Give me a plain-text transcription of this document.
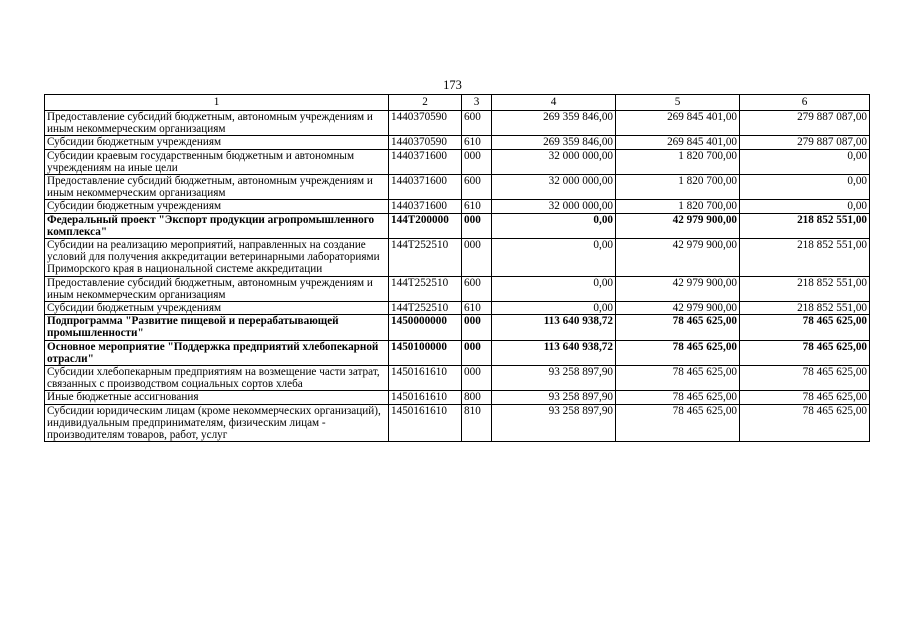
173
1	2	3	4	5	6
Предоставление субсидий бюджетным, автономным учреждениям и иным некоммерческим организациям	1440370590	600	269 359 846,00	269 845 401,00	279 887 087,00
Субсидии бюджетным учреждениям	1440370590	610	269 359 846,00	269 845 401,00	279 887 087,00
Субсидии краевым государственным бюджетным и автономным учреждениям на иные цели	1440371600	000	32 000 000,00	1 820 700,00	0,00
Предоставление субсидий бюджетным, автономным учреждениям и иным некоммерческим организациям	1440371600	600	32 000 000,00	1 820 700,00	0,00
Субсидии бюджетным учреждениям	1440371600	610	32 000 000,00	1 820 700,00	0,00
Федеральный проект "Экспорт продукции агропромышленного комплекса"	144Т200000	000	0,00	42 979 900,00	218 852 551,00
Субсидии на реализацию мероприятий, направленных на создание условий для получения аккредитации ветеринарными лабораториями Приморского края в национальной системе аккредитации	144Т252510	000	0,00	42 979 900,00	218 852 551,00
Предоставление субсидий бюджетным, автономным учреждениям и иным некоммерческим организациям	144Т252510	600	0,00	42 979 900,00	218 852 551,00
Субсидии бюджетным учреждениям	144Т252510	610	0,00	42 979 900,00	218 852 551,00
Подпрограмма "Развитие пищевой и перерабатывающей промышленности"	1450000000	000	113 640 938,72	78 465 625,00	78 465 625,00
Основное мероприятие "Поддержка предприятий хлебопекарной отрасли"	1450100000	000	113 640 938,72	78 465 625,00	78 465 625,00
Субсидии хлебопекарным предприятиям на возмещение части затрат, связанных с производством социальных сортов хлеба	1450161610	000	93 258 897,90	78 465 625,00	78 465 625,00
Иные бюджетные ассигнования	1450161610	800	93 258 897,90	78 465 625,00	78 465 625,00
Субсидии юридическим лицам (кроме некоммерческих организаций), индивидуальным предпринимателям, физическим лицам - производителям товаров, работ, услуг	1450161610	810	93 258 897,90	78 465 625,00	78 465 625,00
